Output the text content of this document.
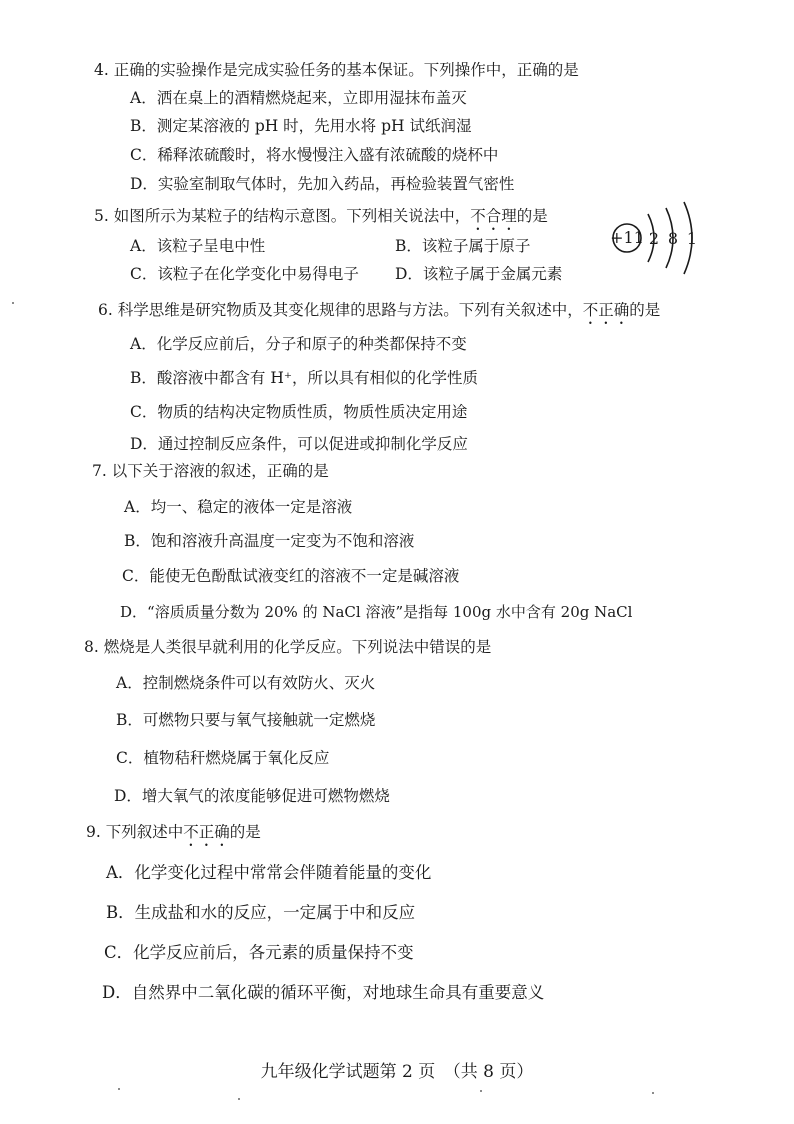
4. 正确的实验操作是完成实验任务的基本保证。下列操作中，正确的是
A．洒在桌上的酒精燃烧起来，立即用湿抹布盖灭
B．测定某溶液的 pH 时，先用水将 pH 试纸润湿
C．稀释浓硫酸时，将水慢慢注入盛有浓硫酸的烧杯中
D．实验室制取气体时，先加入药品，再检验装置气密性
5. 如图所示为某粒子的结构示意图。下列相关说法中，不合理的是
A．该粒子呈电中性	B．该粒子属于原子
C．该粒子在化学变化中易得电子 D．该粒子属于金属元素
+11 2 8 1
6. 科学思维是研究物质及其变化规律的思路与方法。下列有关叙述中，不正确的是
A．化学反应前后，分子和原子的种类都保持不变
B．酸溶液中都含有 H⁺，所以具有相似的化学性质
C．物质的结构决定物质性质，物质性质决定用途
D．通过控制反应条件，可以促进或抑制化学反应
7. 以下关于溶液的叙述，正确的是
A．均一、稳定的液体一定是溶液
B．饱和溶液升高温度一定变为不饱和溶液
C．能使无色酚酞试液变红的溶液不一定是碱溶液
D．“溶质质量分数为 20% 的 NaCl 溶液”是指每 100g 水中含有 20g NaCl
8. 燃烧是人类很早就利用的化学反应。下列说法中错误的是
A．控制燃烧条件可以有效防火、灭火
B．可燃物只要与氧气接触就一定燃烧
C．植物秸秆燃烧属于氧化反应
D．增大氧气的浓度能够促进可燃物燃烧
9. 下列叙述中不正确的是
A．化学变化过程中常常会伴随着能量的变化
B．生成盐和水的反应，一定属于中和反应
C．化学反应前后，各元素的质量保持不变
D．自然界中二氧化碳的循环平衡，对地球生命具有重要意义
九年级化学试题第 2 页　（共 8 页）
